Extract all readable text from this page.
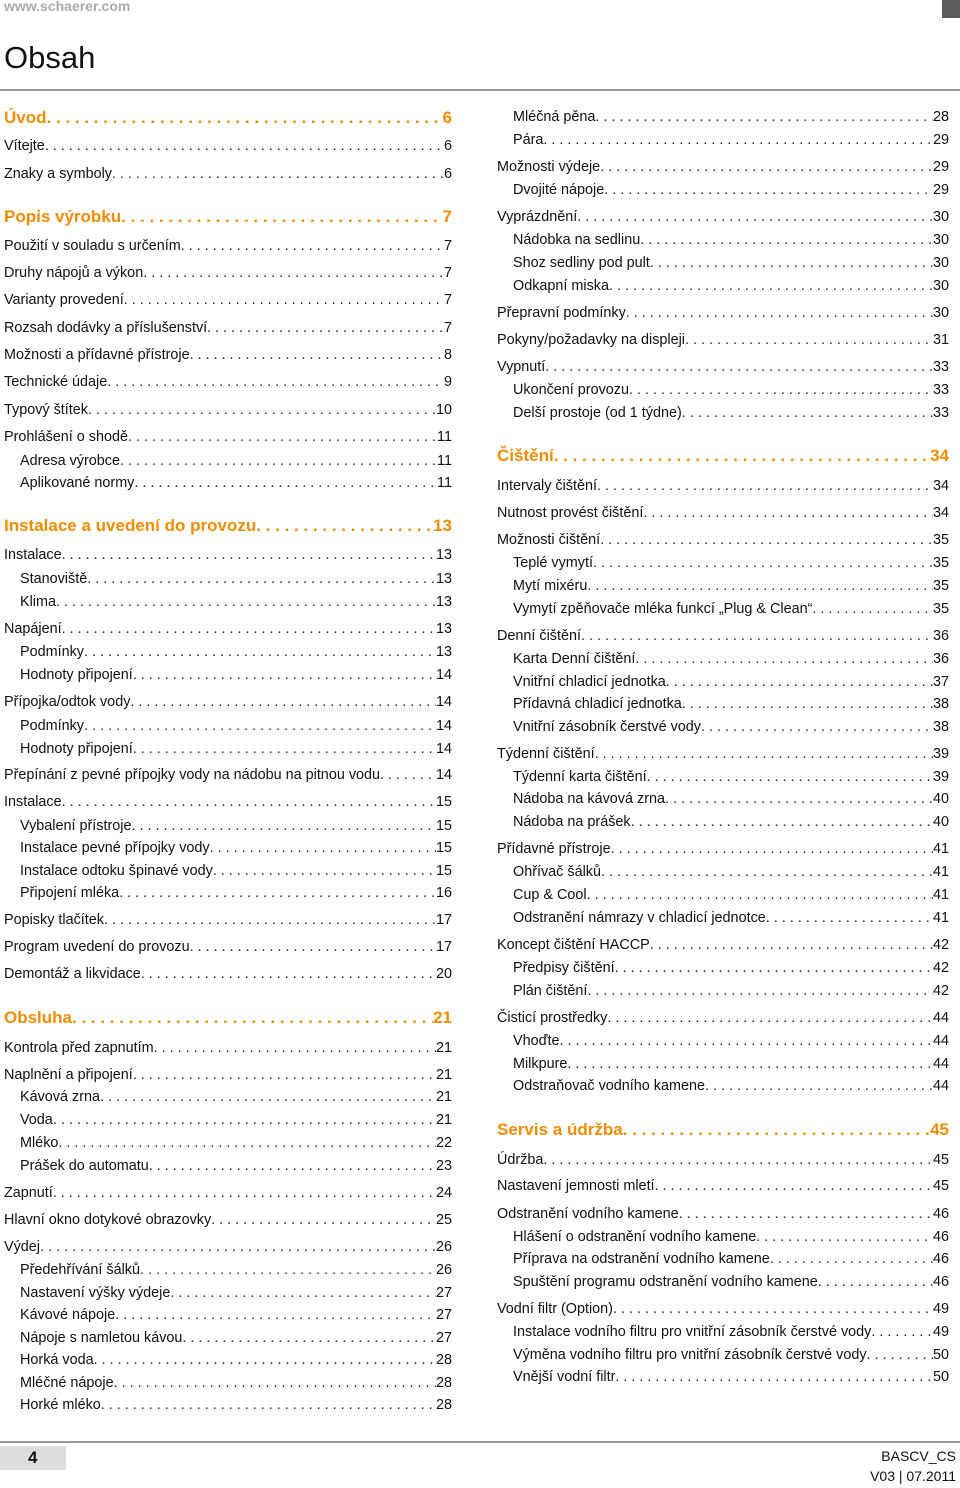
www.schaerer.com
Obsah
Úvod . . .	6
Vítejte . . .	6
Znaky a symboly . . .	6
Popis výrobku . . .	7
Použití v souladu s určením . . .	7
Druhy nápojů a výkon . . .	7
Varianty provedení . . .	7
Rozsah dodávky a příslušenství . . .	7
Možnosti a přídavné přístroje . . .	8
Technické údaje . . .	9
Typový štítek . . .	10
Prohlášení o shodě . . .	11
Adresa výrobce . . .	11
Aplikované normy . . .	11
Instalace a uvedení do provozu . . .	13
Instalace . . .	13
Stanoviště . . .	13
Klima . . .	13
Napájení . . .	13
Podmínky . . .	13
Hodnoty připojení . . .	14
Přípojka/odtok vody . . .	14
Podmínky . . .	14
Hodnoty připojení . . .	14
Přepínání z pevné přípojky vody na nádobu na pitnou vodu . . .	14
Instalace . . .	15
Vybalení přístroje . . .	15
Instalace pevné přípojky vody . . .	15
Instalace odtoku špinavé vody . . .	15
Připojení mléka . . .	16
Popisky tlačítek . . .	17
Program uvedení do provozu . . .	17
Demontáž a likvidace . . .	20
Obsluha . . .	21
Kontrola před zapnutím . . .	21
Naplnění a připojení . . .	21
Kávová zrna . . .	21
Voda . . .	21
Mléko . . .	22
Prášek do automatu . . .	23
Zapnutí . . .	24
Hlavní okno dotykové obrazovky . . .	25
Výdej . . .	26
Předehřívání šálků . . .	26
Nastavení výšky výdeje . . .	27
Kávové nápoje . . .	27
Nápoje s namletou kávou . . .	27
Horká voda . . .	28
Mléčné nápoje . . .	28
Horké mléko . . .	28
Mléčná pěna . . .	28
Pára . . .	29
Možnosti výdeje . . .	29
Dvojité nápoje . . .	29
Vyprázdnění . . .	30
Nádobka na sedlinu . . .	30
Shoz sedliny pod pult . . .	30
Odkapní miska . . .	30
Přepravní podmínky . . .	30
Pokyny/požadavky na displeji . . .	31
Vypnutí . . .	33
Ukončení provozu . . .	33
Delší prostoje (od 1 týdne) . . .	33
Čištění . . .	34
Intervaly čištění . . .	34
Nutnost provést čištění . . .	34
Možnosti čištění . . .	35
Teplé vymytí . . .	35
Mytí mixéru . . .	35
Vymytí zpěňovače mléka funkcí „Plug & Clean“ . . .	35
Denní čištění . . .	36
Karta Denní čištění . . .	36
Vnitřní chladicí jednotka . . .	37
Přídavná chladicí jednotka . . .	38
Vnitřní zásobník čerstvé vody . . .	38
Týdenní čištění . . .	39
Týdenní karta čištění . . .	39
Nádoba na kávová zrna . . .	40
Nádoba na prášek . . .	40
Přídavné přístroje . . .	41
Ohřívač šálků . . .	41
Cup & Cool . . .	41
Odstranění námrazy v chladicí jednotce . . .	41
Koncept čištění HACCP . . .	42
Předpisy čištění . . .	42
Plán čištění . . .	42
Čisticí prostředky . . .	44
Vhoďte . . .	44
Milkpure . . .	44
Odstraňovač vodního kamene . . .	44
Servis a údržba . . .	45
Údržba . . .	45
Nastavení jemnosti mletí . . .	45
Odstranění vodního kamene . . .	46
Hlášení o odstranění vodního kamene . . .	46
Příprava na odstranění vodního kamene . . .	46
Spuštění programu odstranění vodního kamene . . .	46
Vodní filtr (Option) . . .	49
Instalace vodního filtru pro vnitřní zásobník čerstvé vody . . .	49
Výměna vodního filtru pro vnitřní zásobník čerstvé vody . . .	50
Vnější vodní filtr . . .	50
4	BASCV_CS
V03 | 07.2011
